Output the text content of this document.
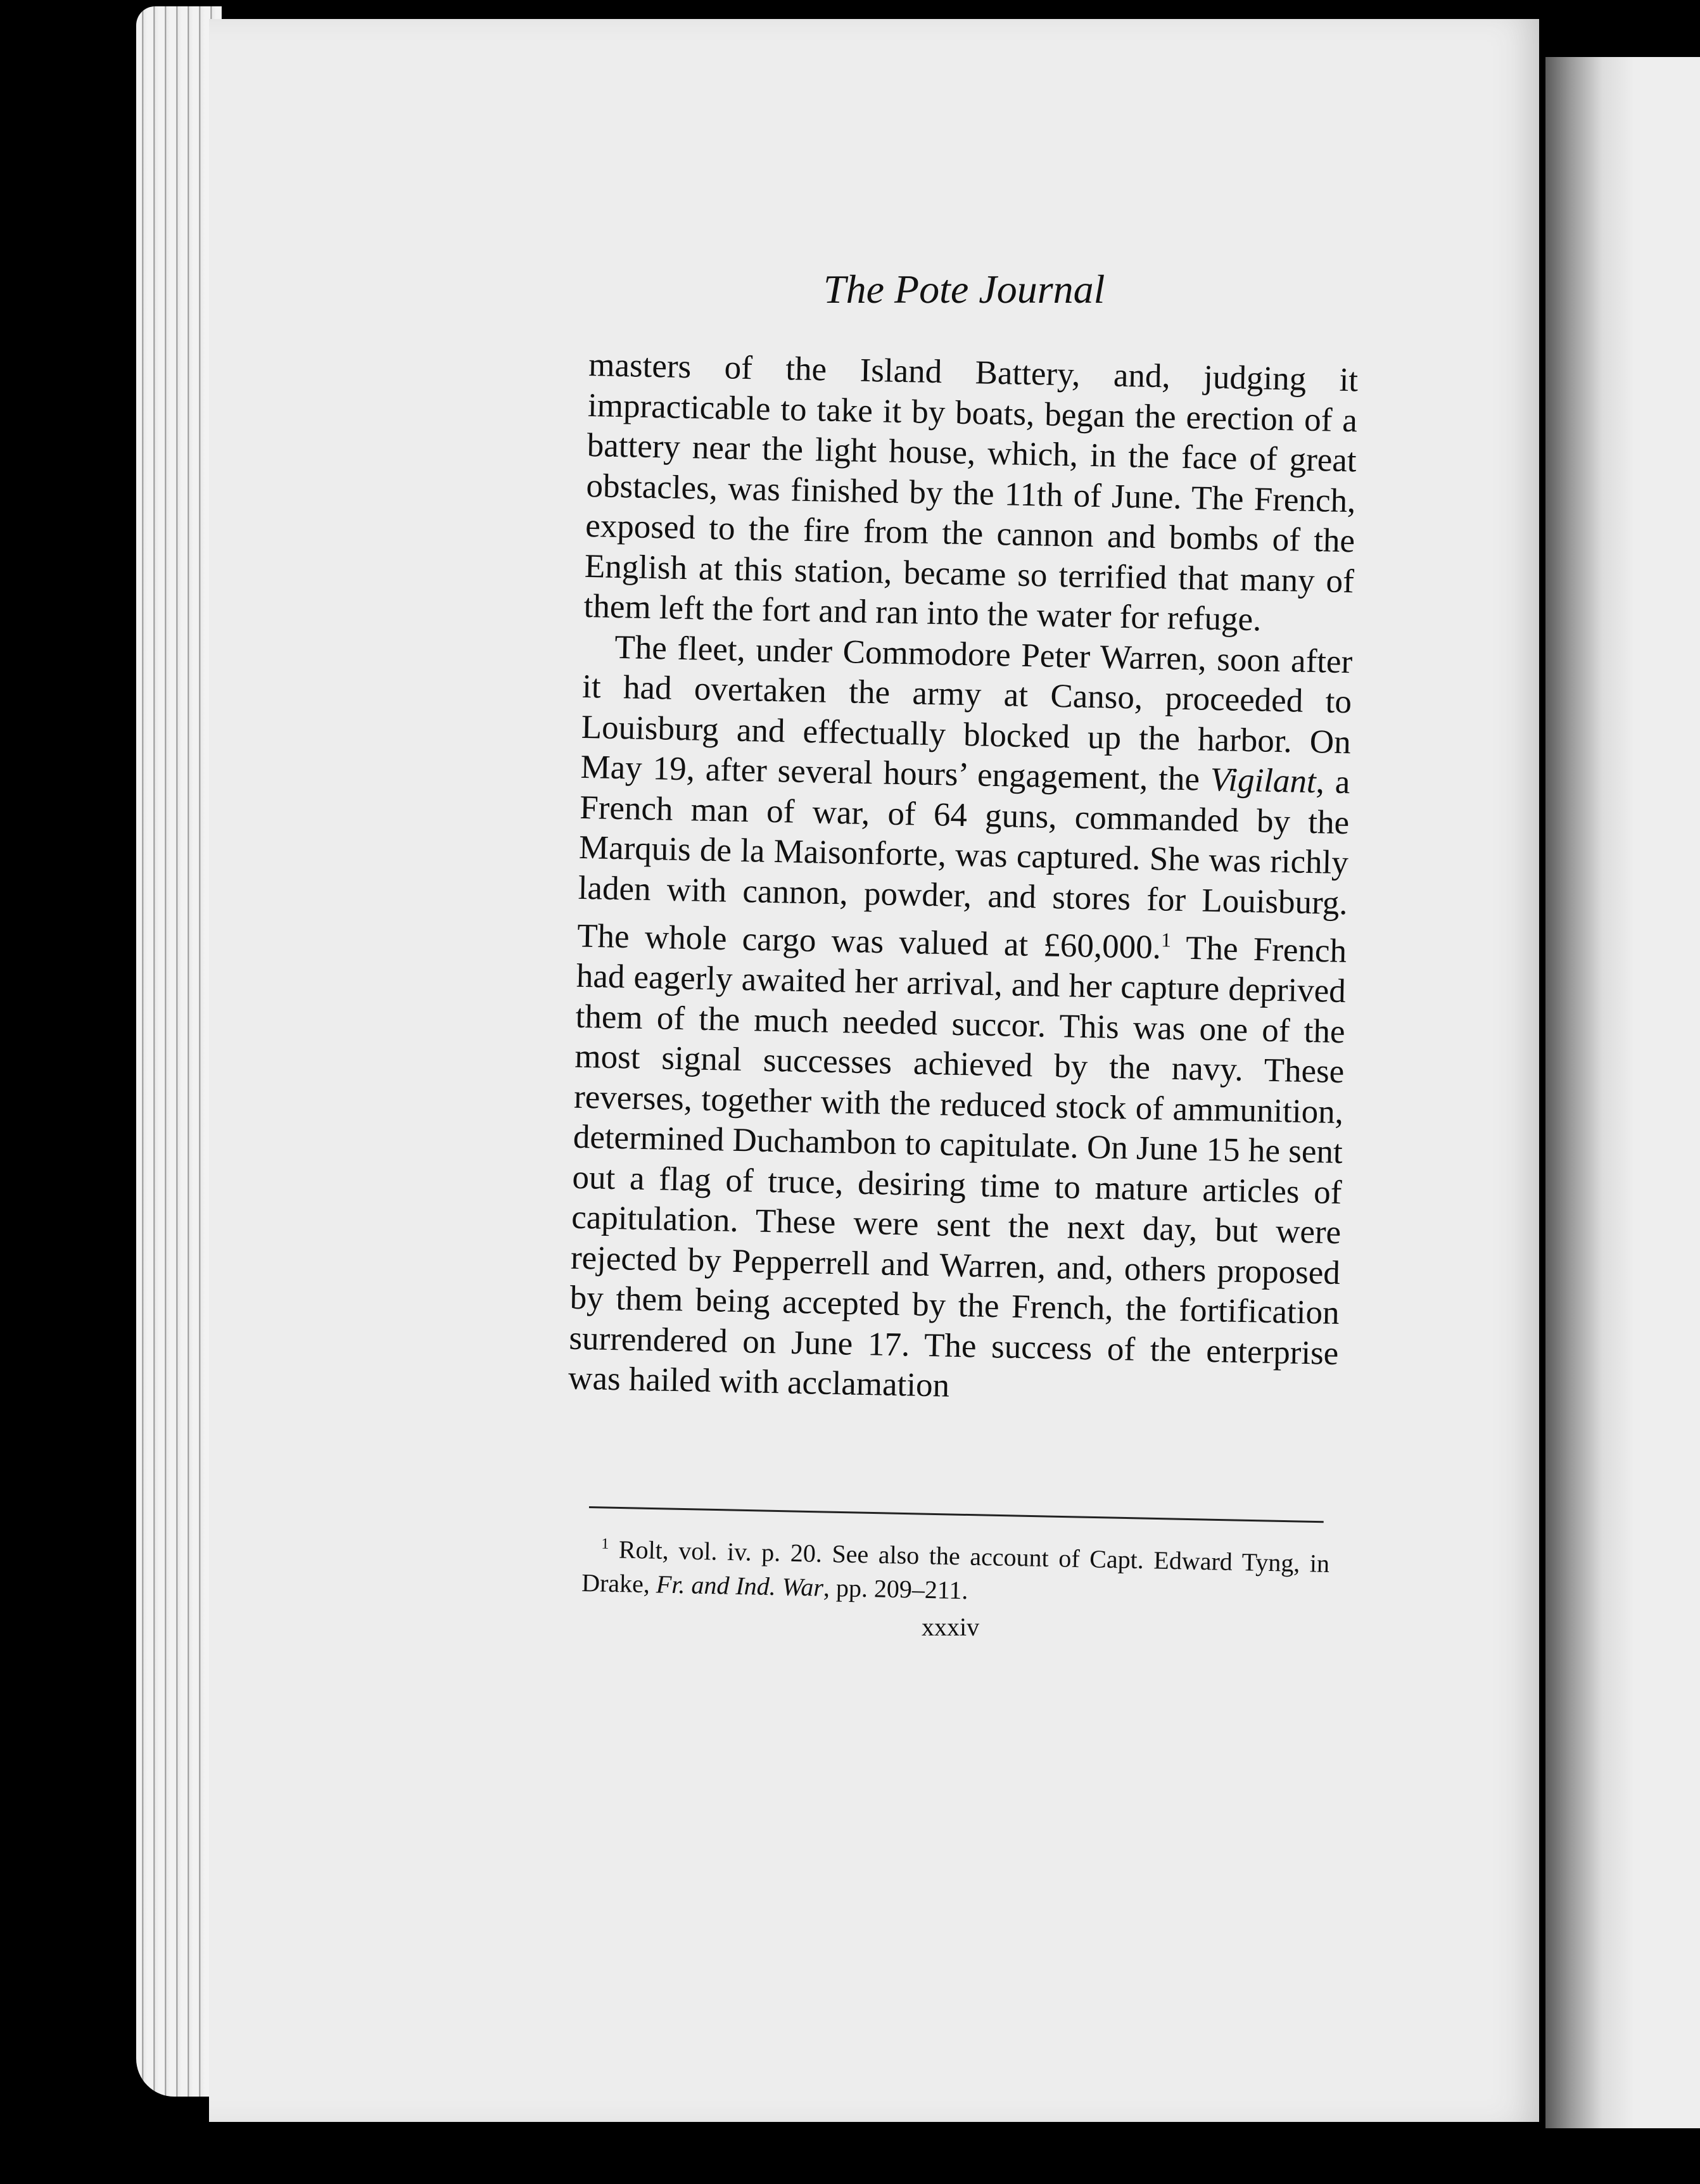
The Pote Journal

masters of the Island Battery, and, judging it impracticable to take it by boats, began the erection of a battery near the light house, which, in the face of great obstacles, was finished by the 11th of June. The French, exposed to the fire from the cannon and bombs of the English at this station, became so terrified that many of them left the fort and ran into the water for refuge.

The fleet, under Commodore Peter Warren, soon after it had overtaken the army at Canso, proceeded to Louisburg and effectually blocked up the harbor. On May 19, after several hours’ engagement, the Vigilant, a French man of war, of 64 guns, commanded by the Marquis de la Maisonforte, was captured. She was richly laden with cannon, powder, and stores for Louisburg. The whole cargo was valued at £60,000.$^1$ The French had eagerly awaited her arrival, and her capture deprived them of the much needed succor. This was one of the most signal successes achieved by the navy. These reverses, together with the reduced stock of ammunition, determined Duchambon to capitulate. On June 15 he sent out a flag of truce, desiring time to mature articles of capitulation. These were sent the next day, but were rejected by Pepperrell and Warren, and, others proposed by them being accepted by the French, the fortification surrendered on June 17. The success of the enterprise was hailed with acclamation

$^1$ Rolt, vol. iv. p. 20. See also the account of Capt. Edward Tyng, in Drake, Fr. and Ind. War, pp. 209–211.

xxxiv
